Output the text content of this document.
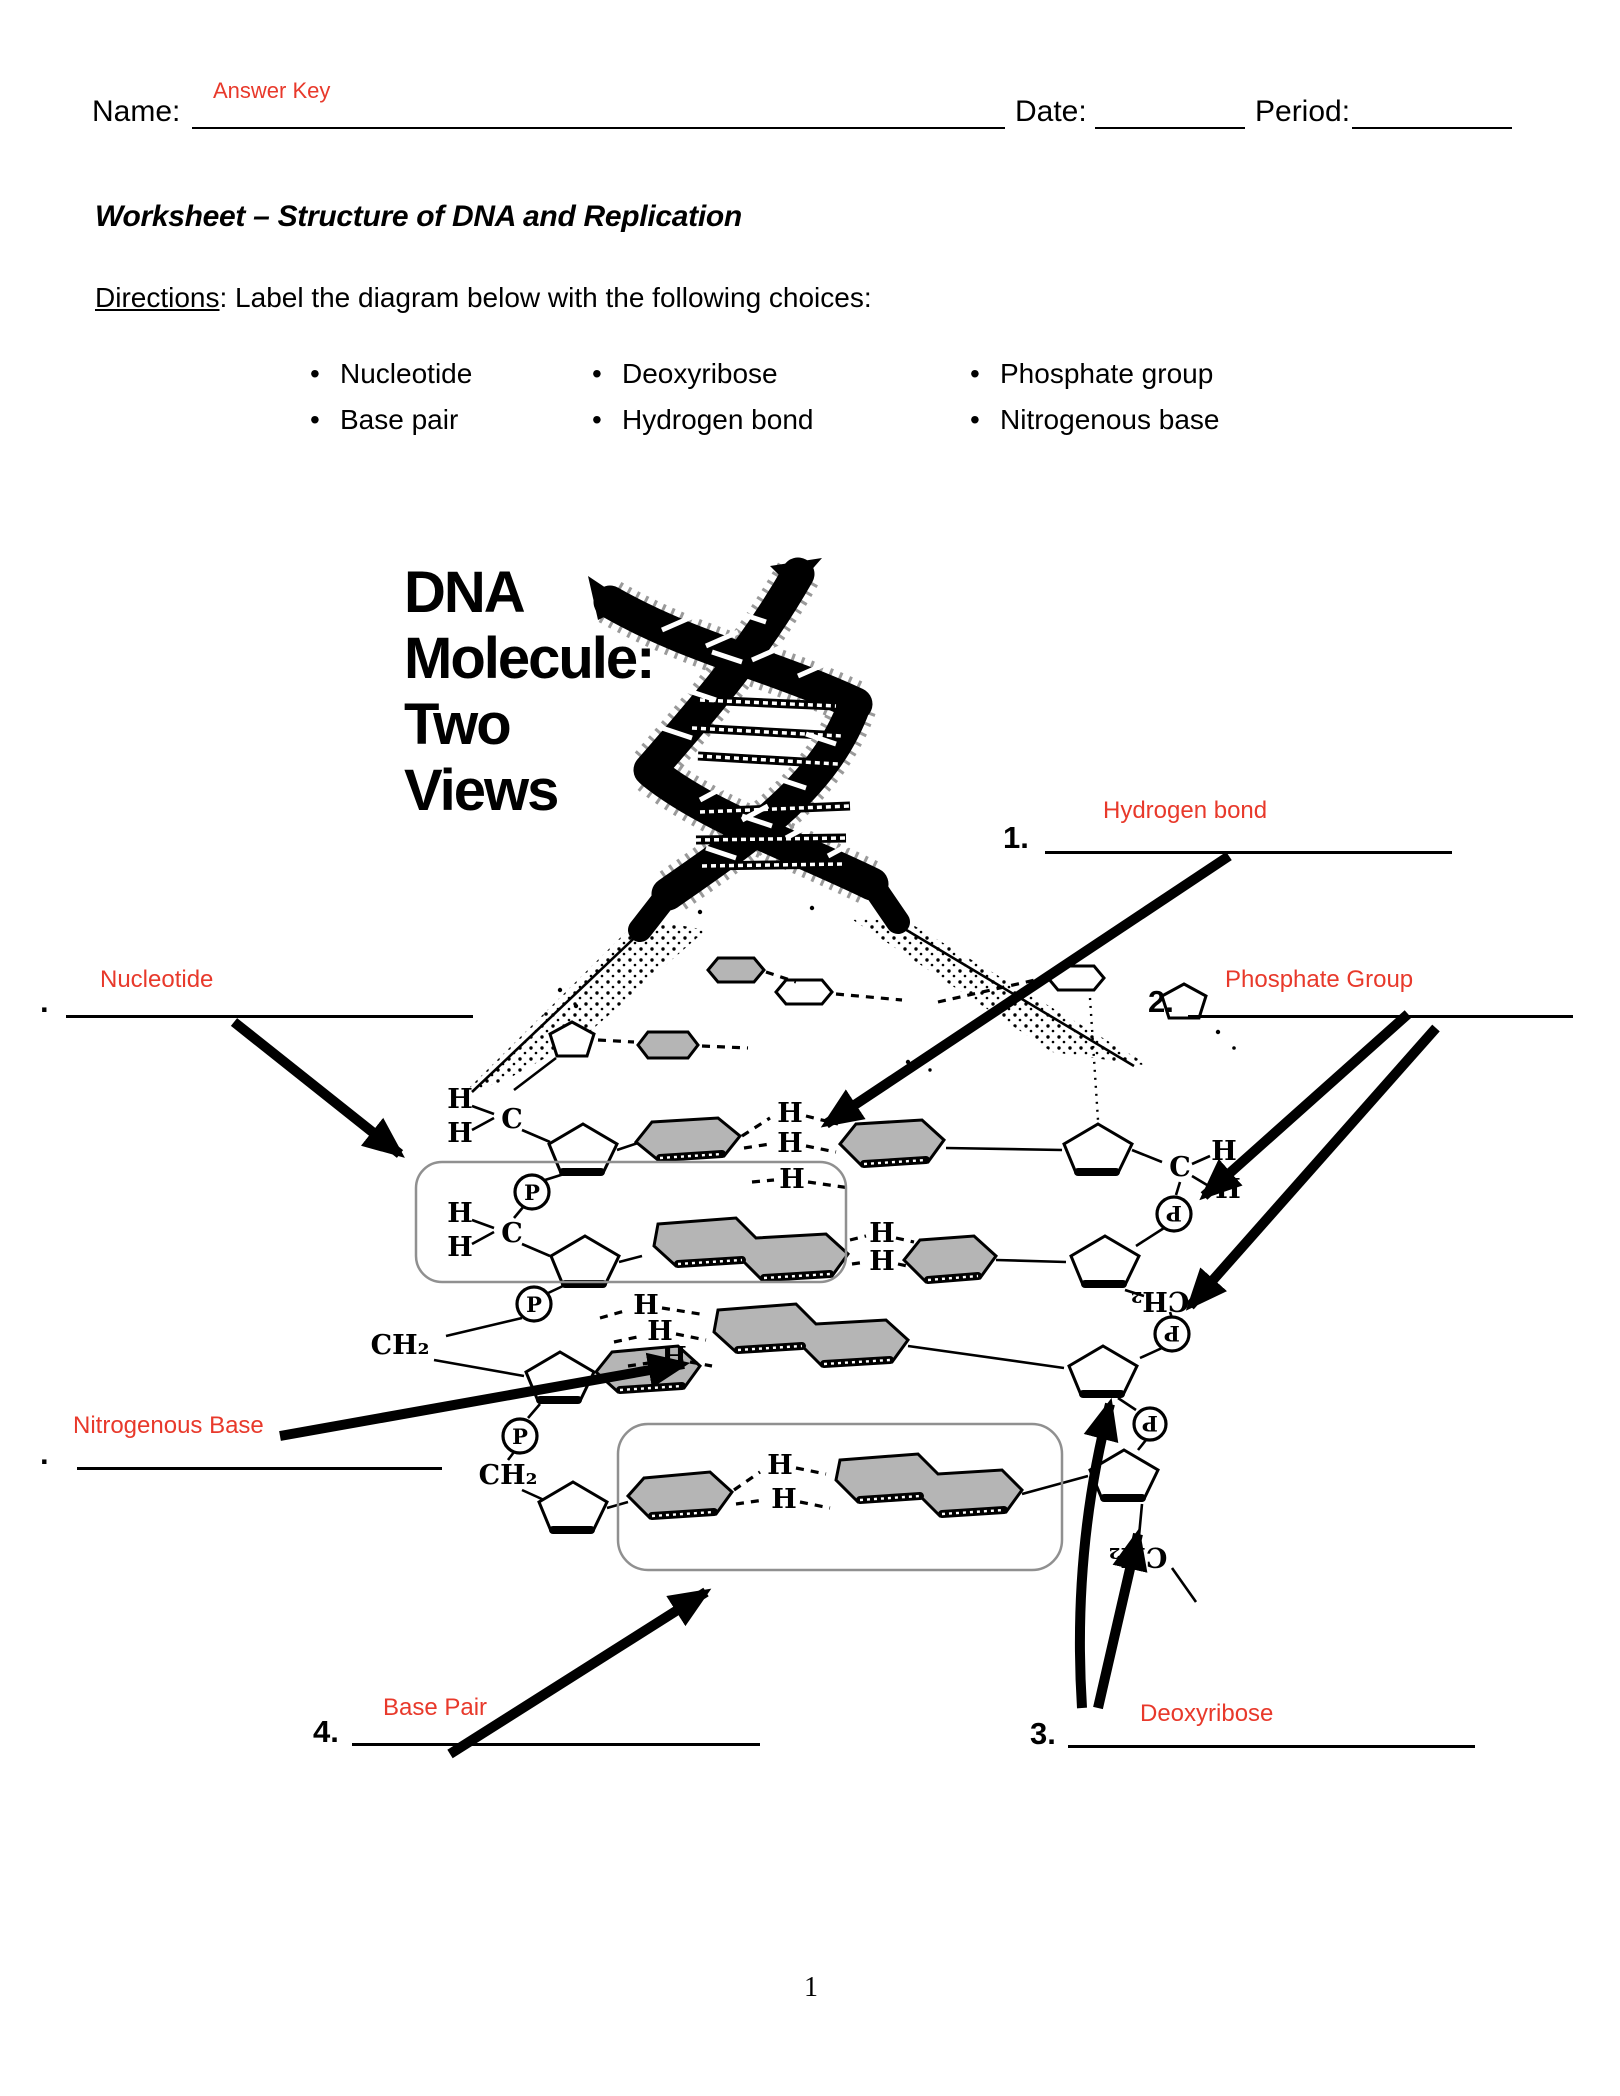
Name:
Answer Key
Date:	Period:
Worksheet – Structure of DNA and Replication
Directions: Label the diagram below with the following choices:
• Nucleotide
• Base pair
• Deoxyribose
• Hydrogen bond
• Phosphate group
• Nitrogenous base
DNA
Molecule:
Two
Views
H
H C	H
H
H	C
H
H
P
P
H
H C	H
H
CH₂
P
P
CH₂
H
H
H
P
P
CH₂	H
H
CH₂
1.
Hydrogen bond
2.
Phosphate Group
3.
Deoxyribose
4.
Base Pair
.
Nucleotide
.
Nitrogenous Base
1
